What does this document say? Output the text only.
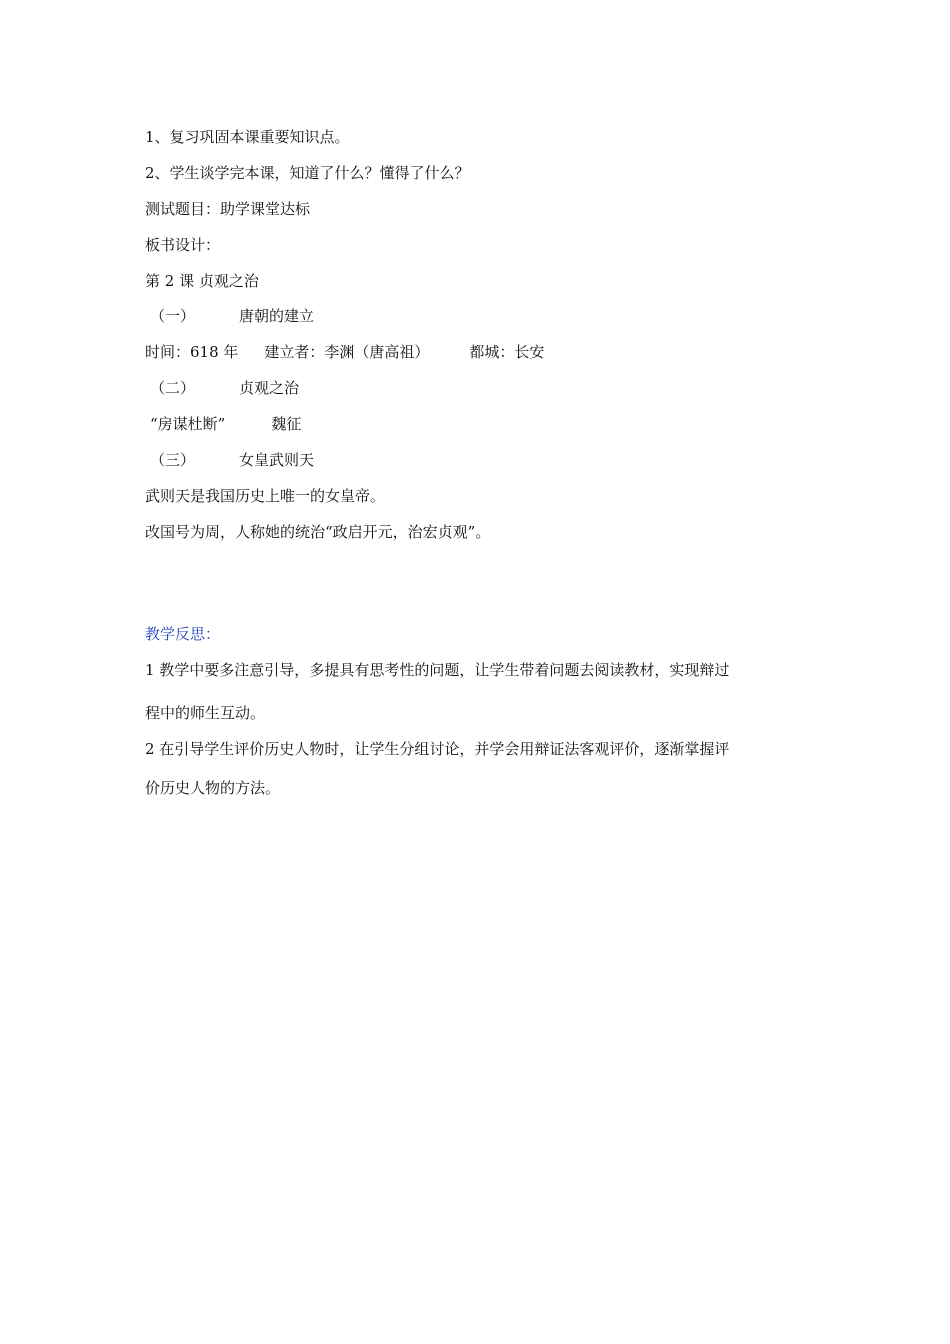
1、复习巩固本课重要知识点。
2、学生谈学完本课，知道了什么？懂得了什么？
测试题目：助学课堂达标
板书设计：
第 2 课 贞观之治
（一）	唐朝的建立
时间：618 年 建立者：李渊（唐高祖）	都城：长安
（二）	贞观之治
“房谋杜断”	魏征
（三）	女皇武则天
武则天是我国历史上唯一的女皇帝。
改国号为周，人称她的统治“政启开元，治宏贞观”。
教学反思：
1 教学中要多注意引导，多提具有思考性的问题，让学生带着问题去阅读教材，实现辩过
程中的师生互动。
2 在引导学生评价历史人物时，让学生分组讨论，并学会用辩证法客观评价，逐渐掌握评
价历史人物的方法。
